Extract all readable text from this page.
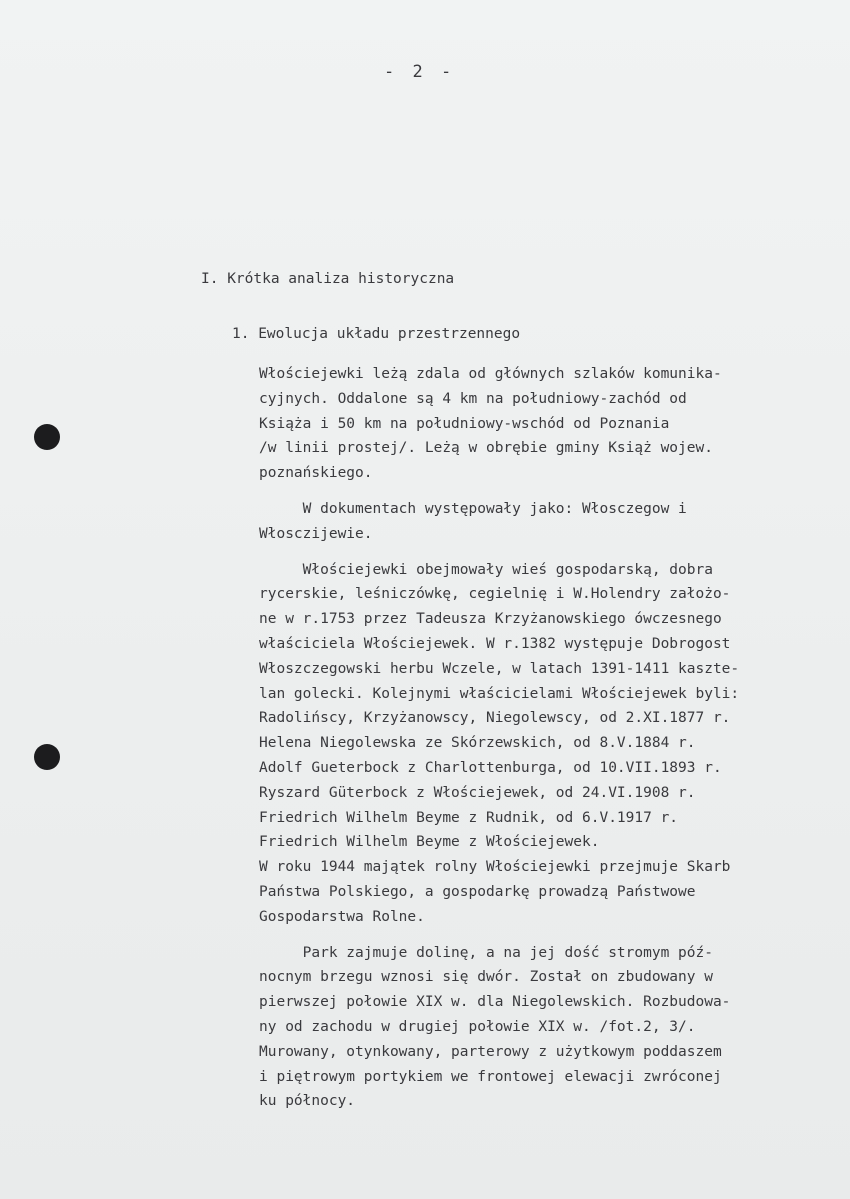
- 2 -
I. Krótka analiza historyczna
1. Ewolucja układu przestrzennego
Włościejewki leżą zdala od głównych szlaków komunika-
cyjnych. Oddalone są 4 km na południowy-zachód od
Książa i 50 km na południowy-wschód od Poznania
/w linii prostej/. Leżą w obrębie gminy Książ wojew.
poznańskiego.
W dokumentach występowały jako: Włosczegow i
Włosczijewie.
Włościejewki obejmowały wieś gospodarską, dobra
rycerskie, leśniczówkę, cegielnię i W.Holendry założo-
ne w r.1753 przez Tadeusza Krzyżanowskiego ówczesnego
właściciela Włościejewek. W r.1382 występuje Dobrogost
Włoszczegowski herbu Wczele, w latach 1391-1411 kasztе-
lan golecki. Kolejnymi właścicielami Włościejewek byli:
Radolińscy, Krzyżanowscy, Niegolewscy, od 2.XI.1877 r.
Helena Niegolewska ze Skórzewskich, od 8.V.1884 r.
Adolf Gueterbock z Charlottenburga, od 10.VII.1893 r.
Ryszard Güterbock z Włościejewek, od 24.VI.1908 r.
Friedrich Wilhelm Beyme z Rudnik, od 6.V.1917 r.
Friedrich Wilhelm Beyme z Włościejewek.
W roku 1944 majątek rolny Włościejewki przejmuje Skarb
Państwa Polskiego, a gospodarkę prowadzą Państwowe
Gospodarstwa Rolne.
Park zajmuje dolinę, a na jej dość stromym póź-
nocnym brzegu wznosi się dwór. Został on zbudowany w
pierwszej połowie XIX w. dla Niegolewskich. Rozbudowa-
ny od zachodu w drugiej połowie XIX w. /fot.2, 3/.
Murowany, otynkowany, parterowy z użytkowym poddaszem
i piętrowym portykiem we frontowej elewacji zwróconej
ku północy.
